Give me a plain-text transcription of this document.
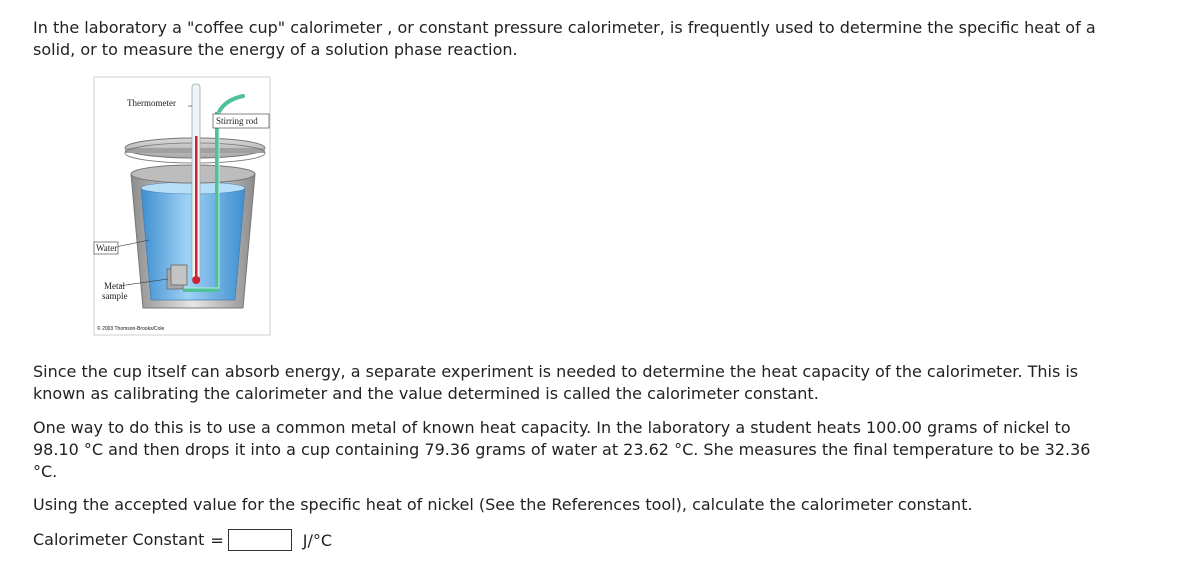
In the laboratory a "coffee cup" calorimeter , or constant pressure calorimeter, is frequently used to determine the specific heat of a
solid, or to measure the energy of a solution phase reaction.

Thermometer
Stirring rod
Water
Metal
sample
© 2003 Thomson-Brooks/Cole

Since the cup itself can absorb energy, a separate experiment is needed to determine the heat capacity of the calorimeter. This is
known as calibrating the calorimeter and the value determined is called the calorimeter constant.

One way to do this is to use a common metal of known heat capacity. In the laboratory a student heats 100.00 grams of nickel to
98.10 °C and then drops it into a cup containing 79.36 grams of water at 23.62 °C. She measures the final temperature to be 32.36
°C.

Using the accepted value for the specific heat of nickel (See the References tool), calculate the calorimeter constant.

Calorimeter Constant =	J/°C
